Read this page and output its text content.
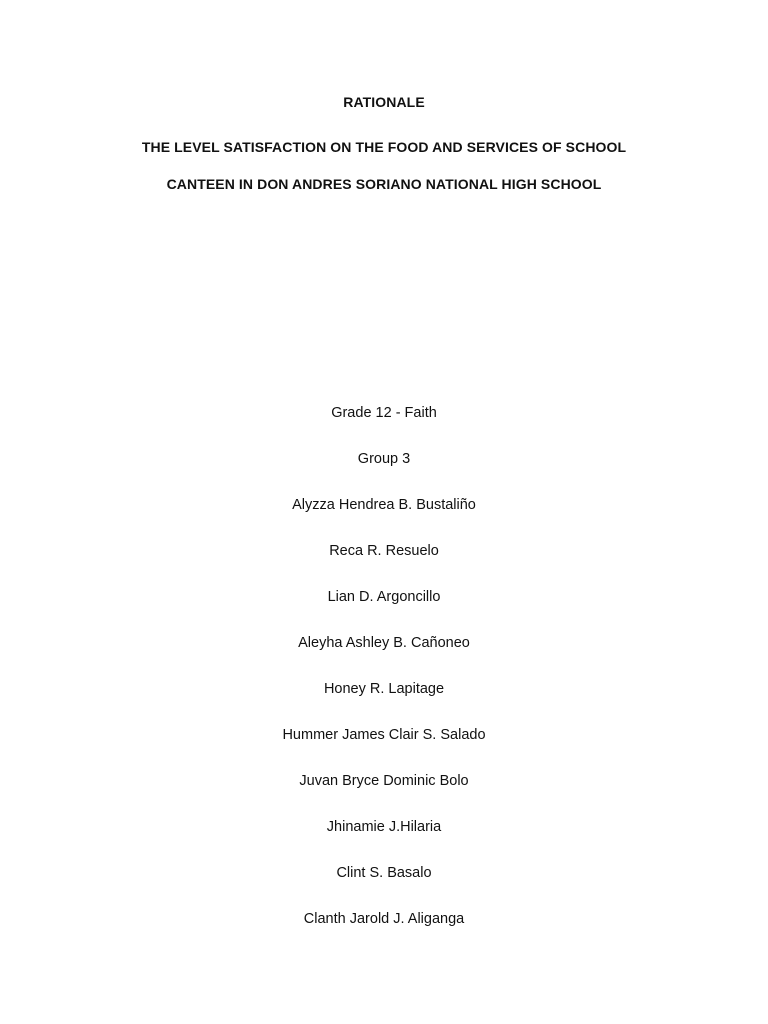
RATIONALE
THE LEVEL SATISFACTION ON THE FOOD AND SERVICES OF SCHOOL
CANTEEN IN DON ANDRES SORIANO NATIONAL HIGH SCHOOL
Grade 12 - Faith
Group 3
Alyzza Hendrea B. Bustaliño
Reca R. Resuelo
Lian D. Argoncillo
Aleyha Ashley B. Cañoneo
Honey R. Lapitage
Hummer James Clair S. Salado
Juvan Bryce Dominic Bolo
Jhinamie J.Hilaria
Clint S. Basalo
Clanth Jarold J. Aliganga
